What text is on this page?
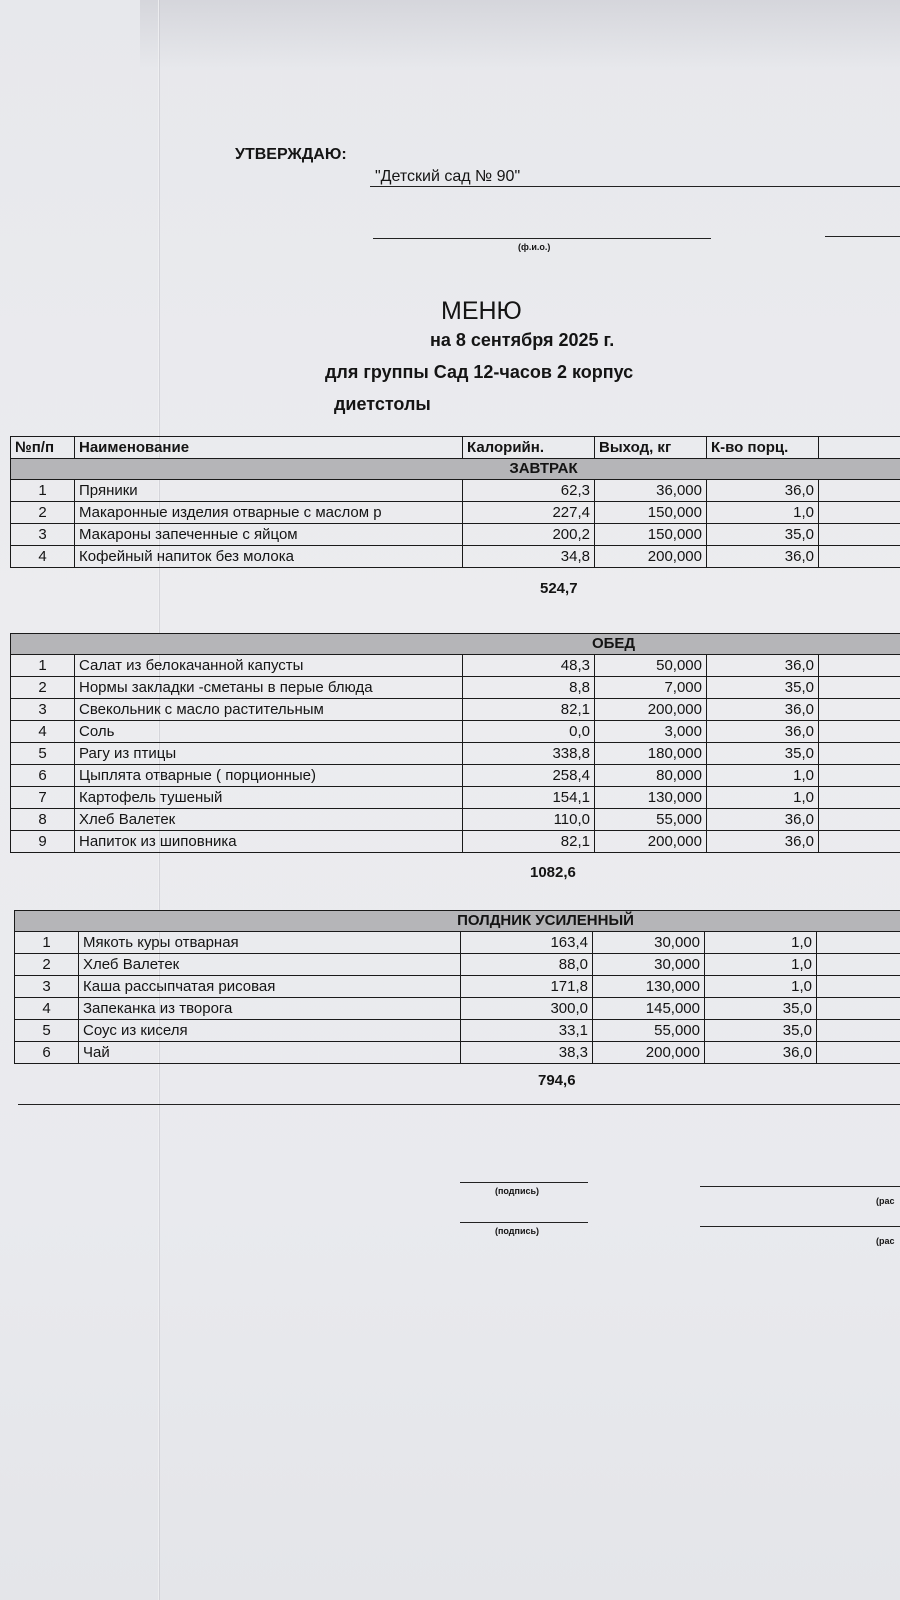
УТВЕРЖДАЮ:
"Детский сад № 90"
(ф.и.о.)
МЕНЮ
на 8 сентября 2025 г.
для группы Сад 12-часов 2 корпус
диетстолы
№п/п	Наименование	Калорийн.	Выход, кг	К-во порц.	
ЗАВТРАК					
1	Пряники	62,3	36,000	36,0	
2	Макаронные изделия отварные с маслом р	227,4	150,000	1,0	
3	Макароны запеченные с яйцом	200,2	150,000	35,0	
4	Кофейный напиток без молока	34,8	200,000	36,0	
524,7
ОБЕД					
1	Салат из белокачанной капусты	48,3	50,000	36,0	
2	Нормы закладки -сметаны в перые блюда	8,8	7,000	35,0	
3	Свекольник с масло растительным	82,1	200,000	36,0	
4	Соль	0,0	3,000	36,0	
5	Рагу из птицы	338,8	180,000	35,0	
6	Цыплята отварные ( порционные)	258,4	80,000	1,0	
7	Картофель тушеный	154,1	130,000	1,0	
8	Хлеб Валетек	110,0	55,000	36,0	
9	Напиток из шиповника	82,1	200,000	36,0	
1082,6
ПОЛДНИК УСИЛЕННЫЙ					
1	Мякоть куры отварная	163,4	30,000	1,0	
2	Хлеб Валетек	88,0	30,000	1,0	
3	Каша рассыпчатая рисовая	171,8	130,000	1,0	
4	Запеканка из творога	300,0	145,000	35,0	
5	Соус из киселя	33,1	55,000	35,0	
6	Чай	38,3	200,000	36,0	
794,6
(подпись)
(рас
(подпись)
(рас
